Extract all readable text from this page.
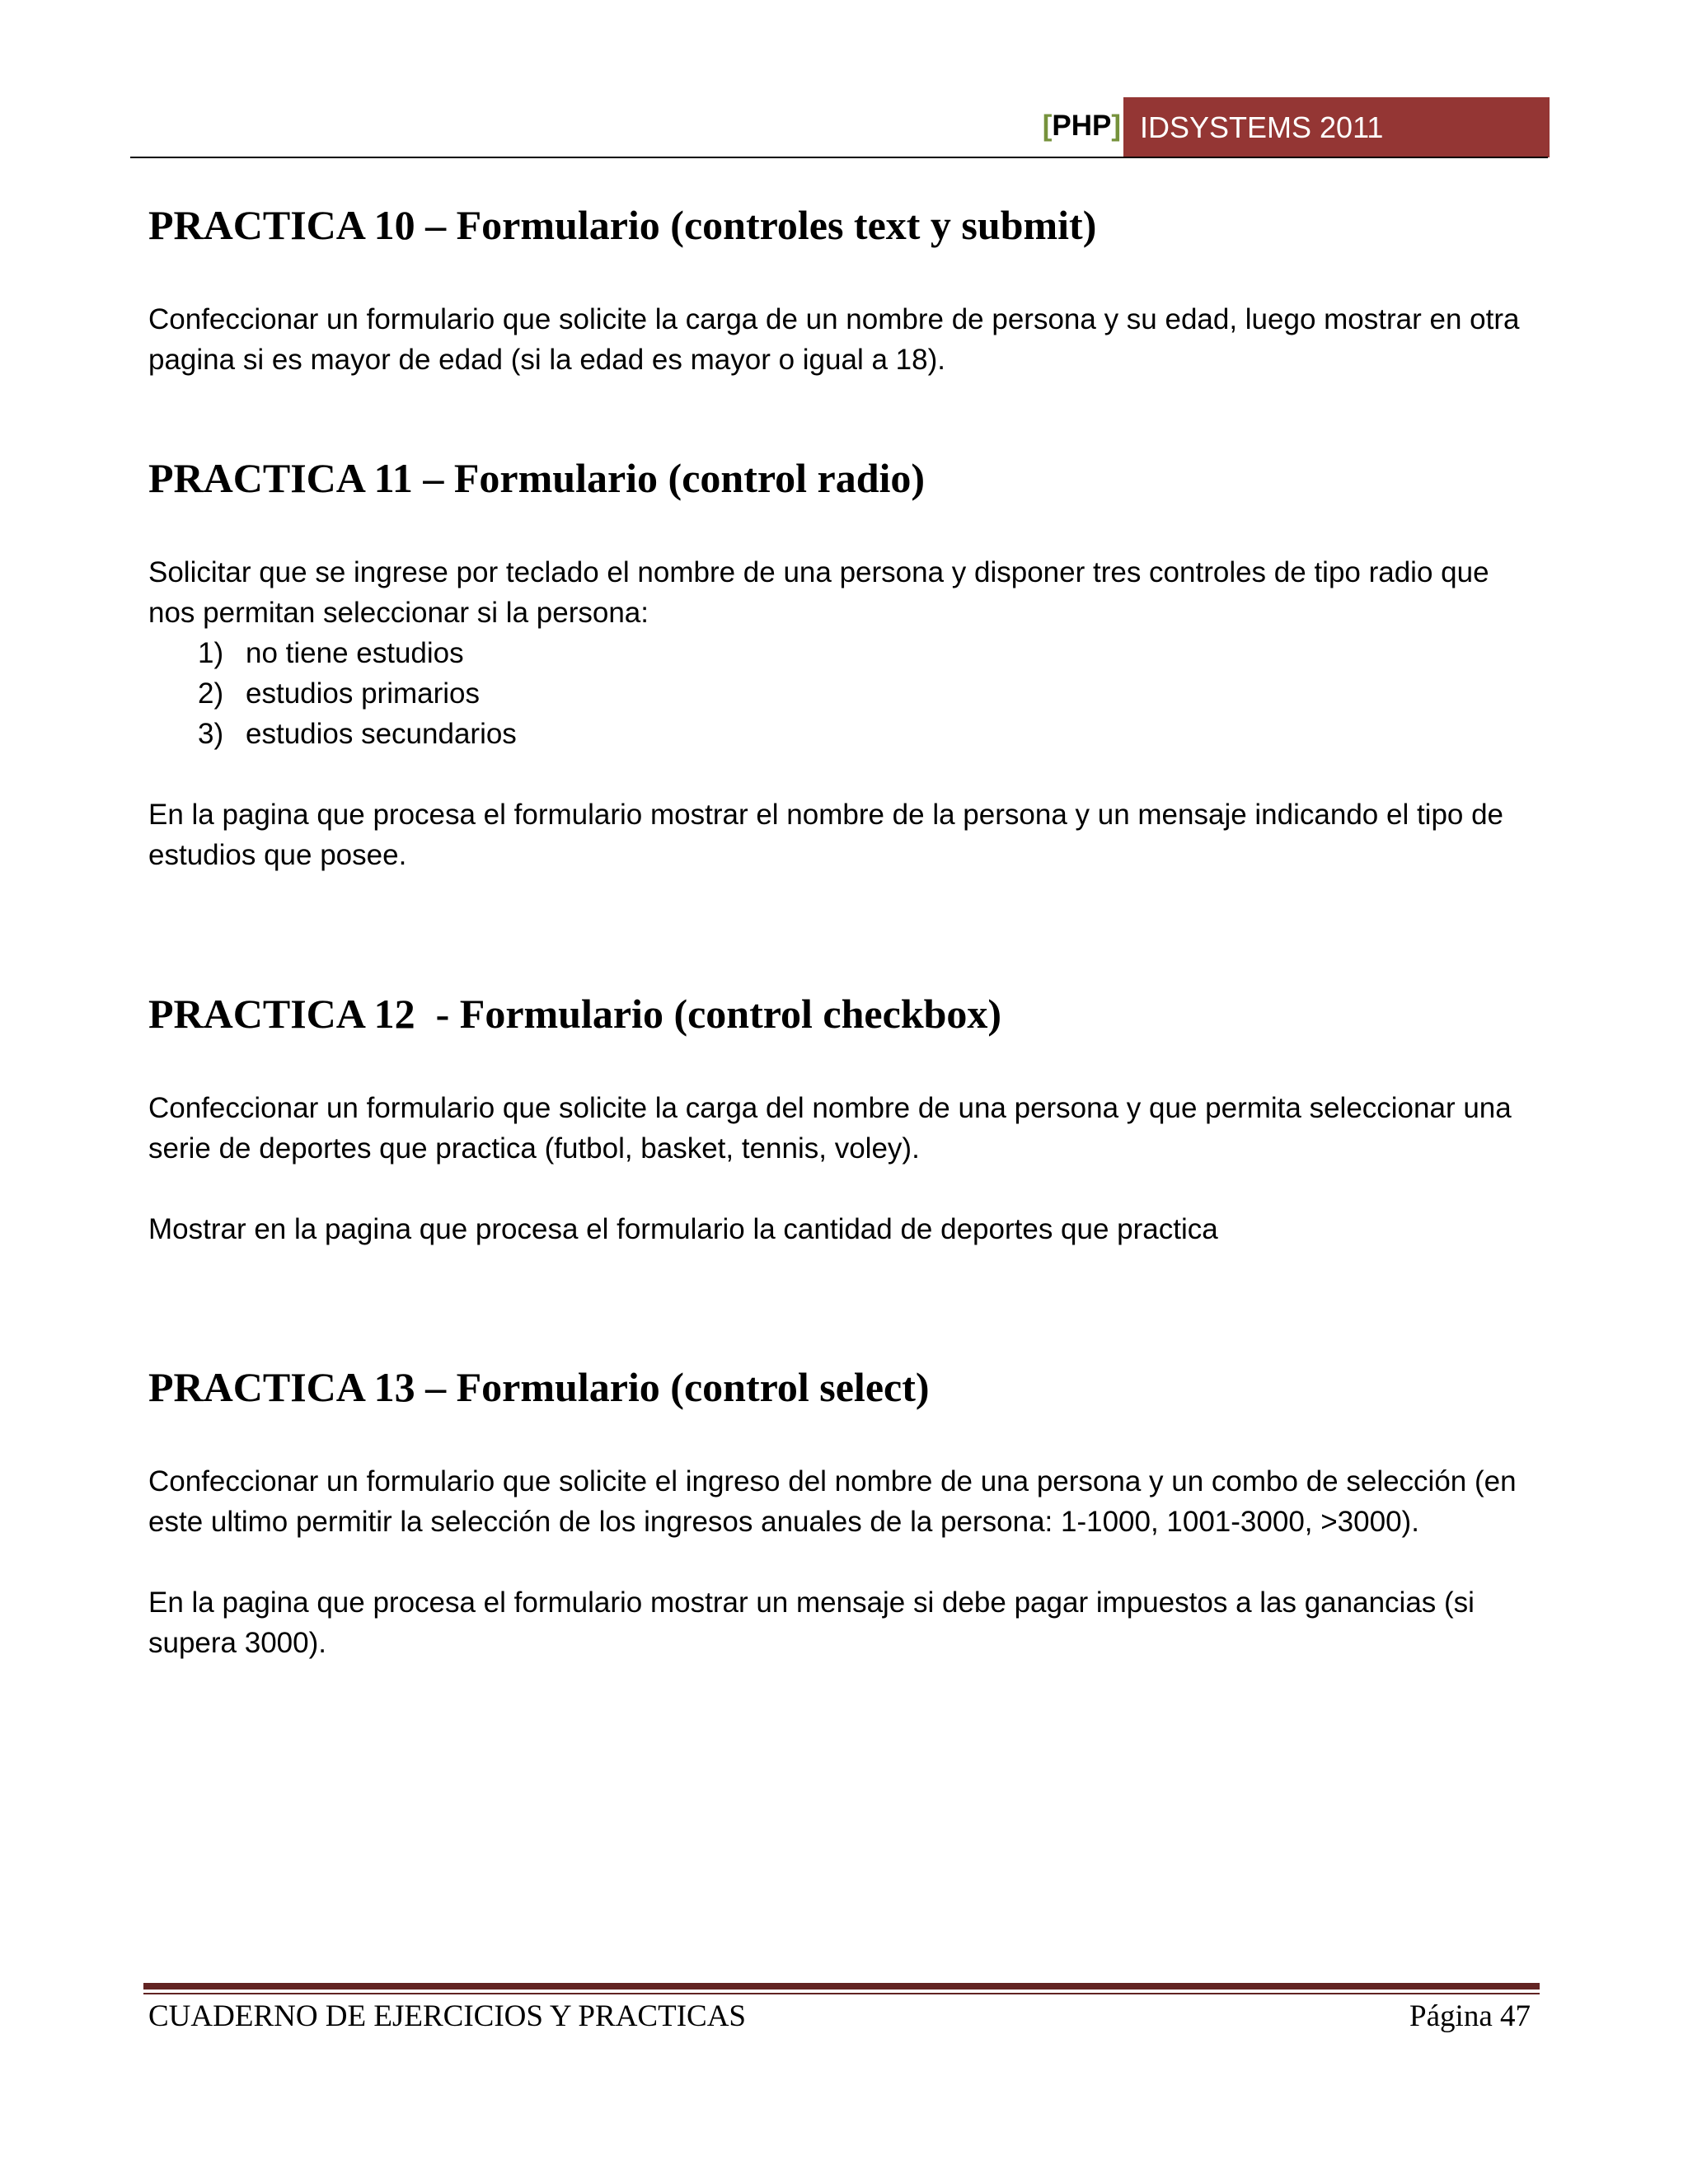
[PHP] IDSYSTEMS 2011
PRACTICA 10 – Formulario (controles text y submit)

Confeccionar un formulario que solicite la carga de un nombre de persona y su edad, luego mostrar en otra pagina si es mayor de edad (si la edad es mayor o igual a 18).

PRACTICA 11 – Formulario (control radio)

Solicitar que se ingrese por teclado el nombre de una persona y disponer tres controles de tipo radio que nos permitan seleccionar si la persona:

1) no tiene estudios
2) estudios primarios
3) estudios secundarios

En la pagina que procesa el formulario mostrar el nombre de la persona y un mensaje indicando el tipo de estudios que posee.

PRACTICA 12  - Formulario (control checkbox)

Confeccionar un formulario que solicite la carga del nombre de una persona y que permita seleccionar una serie de deportes que practica (futbol, basket, tennis, voley).

Mostrar en la pagina que procesa el formulario la cantidad de deportes que practica

PRACTICA 13 – Formulario (control select)

Confeccionar un formulario que solicite el ingreso del nombre de una persona y un combo de selección (en este ultimo permitir la selección de los ingresos anuales de la persona: 1-1000, 1001-3000, >3000).

En la pagina que procesa el formulario mostrar un mensaje si debe pagar impuestos a las ganancias (si supera 3000).

CUADERNO DE EJERCICIOS Y PRACTICAS	Página 47
